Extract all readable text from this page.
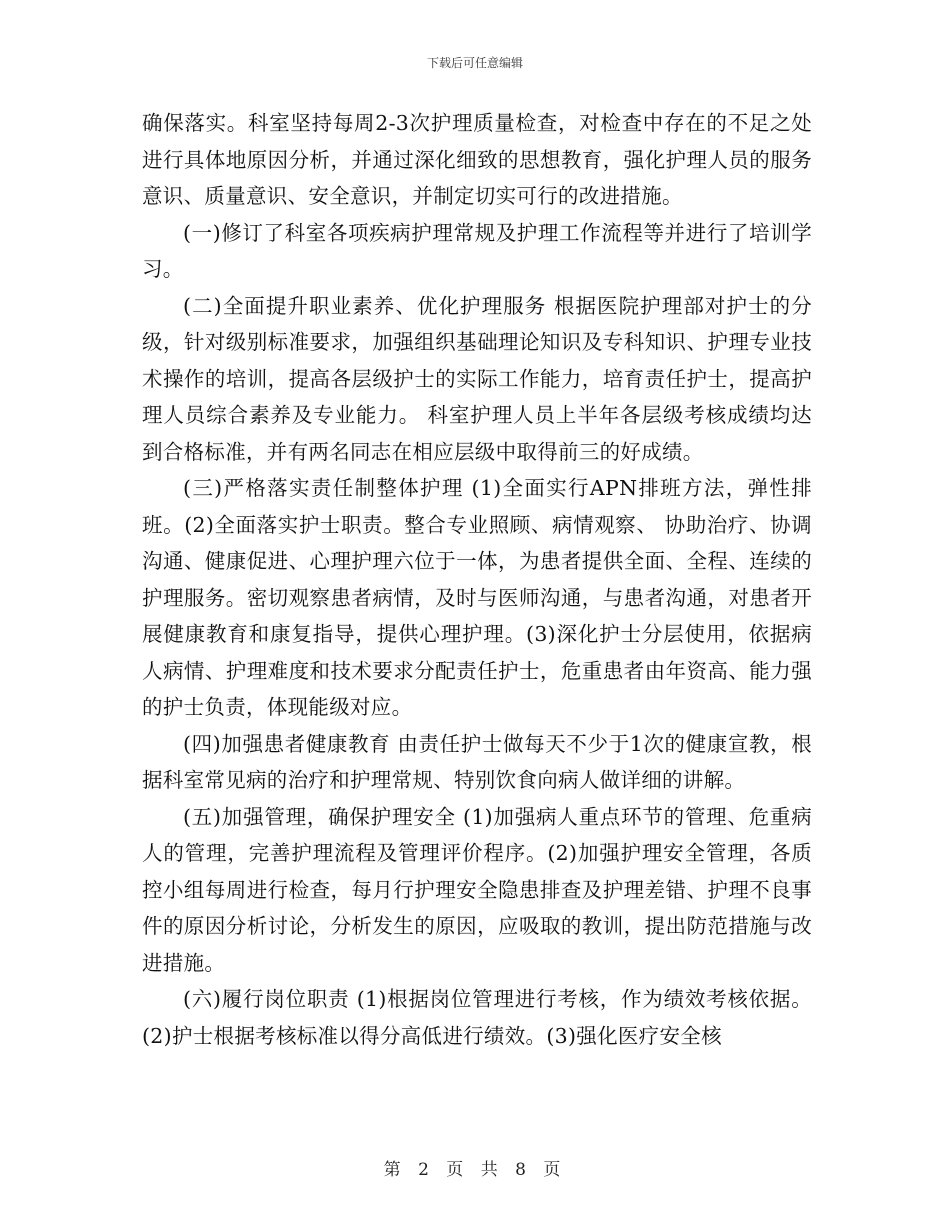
下载后可任意编辑

确保落实。科室坚持每周2-3次护理质量检查，对检查中存在的不足之处进行具体地原因分析，并通过深化细致的思想教育，强化护理人员的服务意识、质量意识、安全意识，并制定切实可行的改进措施。

(一)修订了科室各项疾病护理常规及护理工作流程等并进行了培训学习。

(二)全面提升职业素养、优化护理服务 根据医院护理部对护士的分级，针对级别标准要求，加强组织基础理论知识及专科知识、护理专业技术操作的培训，提高各层级护士的实际工作能力，培育责任护士，提高护理人员综合素养及专业能力。 科室护理人员上半年各层级考核成绩均达到合格标准，并有两名同志在相应层级中取得前三的好成绩。

(三)严格落实责任制整体护理 (1)全面实行APN排班方法，弹性排班。(2)全面落实护士职责。整合专业照顾、病情观察、 协助治疗、协调沟通、健康促进、心理护理六位于一体，为患者提供全面、全程、连续的护理服务。密切观察患者病情，及时与医师沟通，与患者沟通，对患者开展健康教育和康复指导，提供心理护理。(3)深化护士分层使用，依据病人病情、护理难度和技术要求分配责任护士，危重患者由年资高、能力强的护士负责，体现能级对应。

(四)加强患者健康教育 由责任护士做每天不少于1次的健康宣教，根据科室常见病的治疗和护理常规、特别饮食向病人做详细的讲解。

(五)加强管理，确保护理安全 (1)加强病人重点环节的管理、危重病人的管理，完善护理流程及管理评价程序。(2)加强护理安全管理，各质控小组每周进行检查，每月行护理安全隐患排查及护理差错、护理不良事件的原因分析讨论，分析发生的原因，应吸取的教训，提出防范措施与改进措施。

(六)履行岗位职责 (1)根据岗位管理进行考核，作为绩效考核依据。(2)护士根据考核标准以得分高低进行绩效。(3)强化医疗安全核

第 2 页 共 8 页
